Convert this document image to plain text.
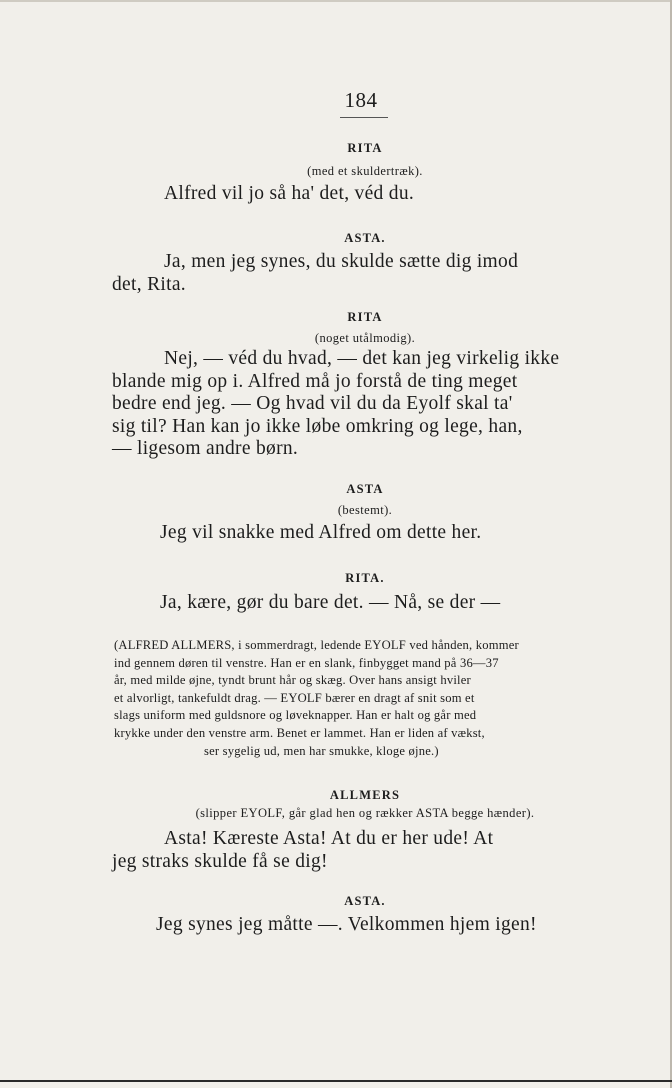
184
RITA
(med et skuldertræk).
Alfred vil jo så ha' det, véd du.
ASTA.
Ja, men jeg synes, du skulde sætte dig imod
det, Rita.
RITA
(noget utålmodig).
Nej, — véd du hvad, — det kan jeg virkelig ikke
blande mig op i. Alfred må jo forstå de ting meget
bedre end jeg. — Og hvad vil du da Eyolf skal ta'
sig til? Han kan jo ikke løbe omkring og lege, han,
— ligesom andre børn.
ASTA
(bestemt).
Jeg vil snakke med Alfred om dette her.
RITA.
Ja, kære, gør du bare det. — Nå, se der —
(ALFRED ALLMERS, i sommerdragt, ledende EYOLF ved hånden, kommer
ind gennem døren til venstre. Han er en slank, finbygget mand på 36—37
år, med milde øjne, tyndt brunt hår og skæg. Over hans ansigt hviler
et alvorligt, tankefuldt drag. — EYOLF bærer en dragt af snit som et
slags uniform med guldsnore og løveknapper. Han er halt og går med
krykke under den venstre arm. Benet er lammet. Han er liden af vækst,
ser sygelig ud, men har smukke, kloge øjne.)
ALLMERS
(slipper EYOLF, går glad hen og rækker ASTA begge hænder).
Asta! Kæreste Asta! At du er her ude! At
jeg straks skulde få se dig!
ASTA.
Jeg synes jeg måtte —. Velkommen hjem igen!
